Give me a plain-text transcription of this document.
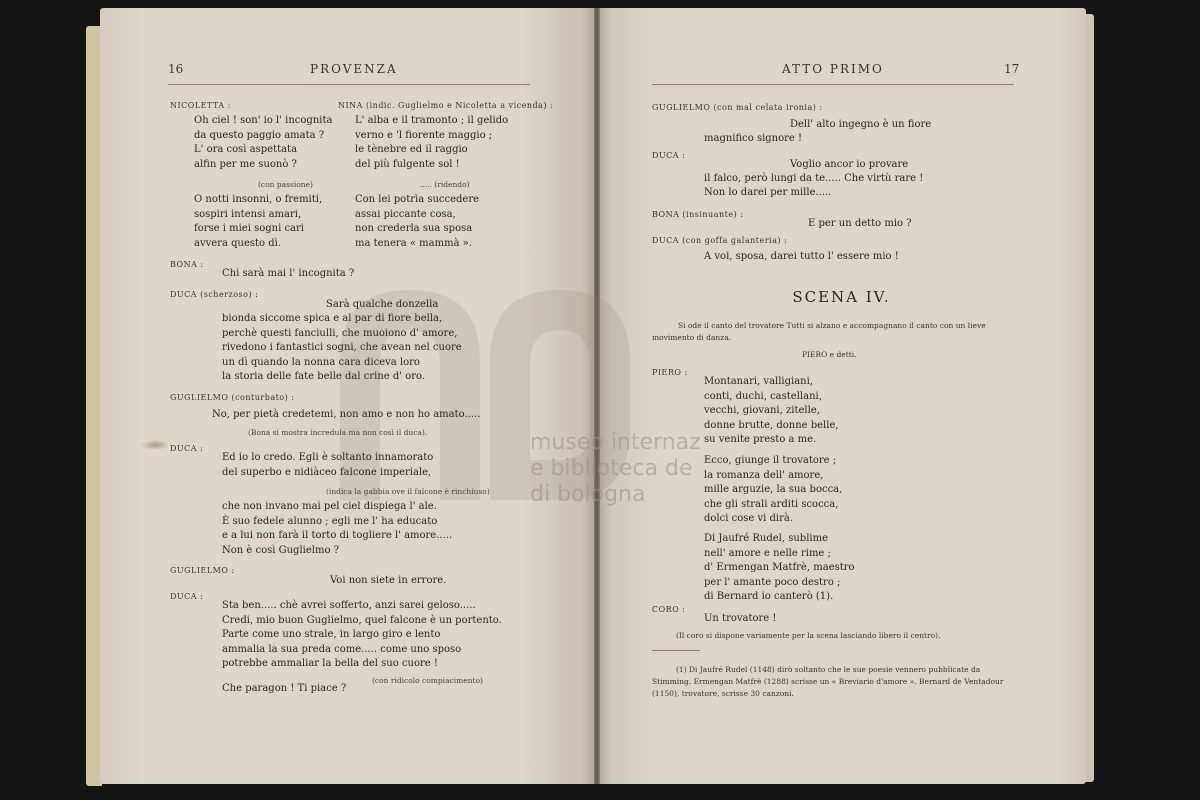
museo internaz
e biblioteca de
di bologna
16	PROVENZA
NICOLETTA :
Oh ciel ! son' io l' incognita
da questo paggio amata ?
L' ora così aspettata
alfin per me suonò ?
(con passione)
O notti insonni, o fremiti,
sospiri intensi amari,
forse i miei sogni cari
avvera questo dì.
NINA (indic. Guglielmo e Nicoletta a vicenda) :
L' alba e il tramonto ; il gelido
verno e 'l fiorente maggio ;
le tènebre ed il raggio
del più fulgente sol !
..... (ridendo)
Con lei potrìa succedere
assai piccante cosa,
non crederla sua sposa
ma tenera « mammà ».
BONA :
Chi sarà mai l' incognita ?
DUCA (scherzoso) :
Sarà qualche donzella
bionda siccome spica e al par di fiore bella,
perchè questi fanciulli, che muoiono d' amore,
rivedono i fantastici sogni, che avean nel cuore
un dì quando la nonna cara diceva loro
la storia delle fate belle dal crine d' oro.
GUGLIELMO (conturbato) :
No, per pietà credetemi, non amo e non ho amato.....
(Bona si mostra incredula ma non così il duca).
DUCA :
Ed io lo credo. Egli è soltanto innamorato
del superbo e nidiàceo falcone imperiale,
(indica la gabbia ove il falcone è rinchiuso)
che non invano mai pel ciel dispiega l' ale.
È suo fedele alunno ; egli me l' ha educato
e a lui non farà il torto di togliere l' amore.....
Non è così Guglielmo ?
GUGLIELMO :
Voi non siete in errore.
DUCA :
Sta ben..... chè avrei sofferto, anzi sarei geloso.....
Credi, mio buon Guglielmo, quel falcone è un portento.
Parte come uno strale, in largo giro e lento
ammalia la sua preda come..... come uno sposo
potrebbe ammaliar la bella del suo cuore !
(con ridicolo compiacimento)
Che paragon ! Ti piace ?
ATTO PRIMO	17
GUGLIELMO (con mal celata ironia) :
Dell' alto ingegno è un fiore
magnifico signore !
DUCA :
Voglio ancor io provare
il falco, però lungi da te..... Che virtù rare !
Non lo darei per mille.....
BONA (insinuante) :
E per un detto mio ?
DUCA (con goffa galanteria) :
A voi, sposa, darei tutto l' essere mio !
SCENA IV.
Si ode il canto del trovatore Tutti si alzano e accompagnano il canto con un lieve
movimento di danza.
PIERO e detti.
PIERO :
Montanari, valligiani,
conti, duchi, castellani,
vecchi, giovani, zitelle,
donne brutte, donne belle,
su venite presto a me.
Ecco, giunge il trovatore ;
la romanza dell' amore,
mille arguzie, la sua bocca,
che gli strali arditi scocca,
dolci cose vi dirà.
Di Jaufré Rudel, sublime
nell' amore e nelle rime ;
d' Ermengan Matfrè, maestro
per l' amante poco destro ;
di Bernard io canterò (1).
CORO :
Un trovatore !
(Il coro si dispone variamente per la scena lasciando libero il centro).
(1) Di Jaufré Rudel (1148) dirò soltanto che le sue poesie vennero pubblicate da
Stimming. Ermengan Matfrè (1288) scrisse un « Breviario d'amore ». Bernard de Ventadour
(1150), trovatore, scrisse 30 canzoni.
